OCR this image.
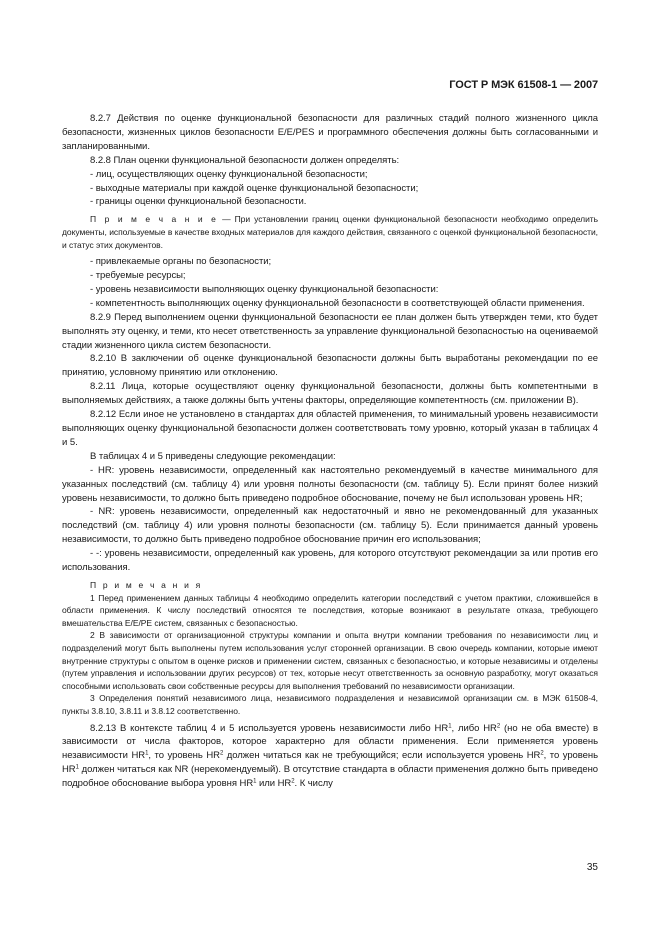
ГОСТ Р МЭК 61508-1 — 2007

8.2.7 Действия по оценке функциональной безопасности для различных стадий полного жизненного цикла безопасности, жизненных циклов безопасности E/E/PES и программного обеспечения должны быть согласованными и запланированными.

8.2.8 План оценки функциональной безопасности должен определять:

- лиц, осуществляющих оценку функциональной безопасности;

- выходные материалы при каждой оценке функциональной безопасности;

- границы оценки функциональной безопасности.

П р и м е ч а н и е — При установлении границ оценки функциональной безопасности необходимо определить документы, используемые в качестве входных материалов для каждого действия, связанного с оценкой функциональной безопасности, и статус этих документов.

- привлекаемые органы по безопасности;

- требуемые ресурсы;

- уровень независимости выполняющих оценку функциональной безопасности:

- компетентность выполняющих оценку функциональной безопасности в соответствующей области применения.

8.2.9 Перед выполнением оценки функциональной безопасности ее план должен быть утвержден теми, кто будет выполнять эту оценку, и теми, кто несет ответственность за управление функциональной безопасностью на оцениваемой стадии жизненного цикла систем безопасности.

8.2.10 В заключении об оценке функциональной безопасности должны быть выработаны рекомендации по ее принятию, условному принятию или отклонению.

8.2.11 Лица, которые осуществляют оценку функциональной безопасности, должны быть компетентными в выполняемых действиях, а также должны быть учтены факторы, определяющие компетентность (см. приложении В).

8.2.12 Если иное не установлено в стандартах для областей применения, то минимальный уровень независимости выполняющих оценку функциональной безопасности должен соответствовать тому уровню, который указан в таблицах 4 и 5.

В таблицах 4 и 5 приведены следующие рекомендации:

- HR: уровень независимости, определенный как настоятельно рекомендуемый в качестве минимального для указанных последствий (см. таблицу 4) или уровня полноты безопасности (см. таблицу 5). Если принят более низкий уровень независимости, то должно быть приведено подробное обоснование, почему не был использован уровень HR;

- NR: уровень независимости, определенный как недостаточный и явно не рекомендованный для указанных последствий (см. таблицу 4) или уровня полноты безопасности (см. таблицу 5). Если принимается данный уровень независимости, то должно быть приведено подробное обоснование причин его использования;

- -: уровень независимости, определенный как уровень, для которого отсутствуют рекомендации за или против его использования.

П р и м е ч а н и я

1 Перед применением данных таблицы 4 необходимо определить категории последствий с учетом практики, сложившейся в области применения. К числу последствий относятся те последствия, которые возникают в результате отказа, требующего вмешательства E/E/PE систем, связанных с безопасностью.

2 В зависимости от организационной структуры компании и опыта внутри компании требования по независимости лиц и подразделений могут быть выполнены путем использования услуг сторонней организации. В свою очередь компании, которые имеют внутренние структуры с опытом в оценке рисков и применении систем, связанных с безопасностью, и которые независимы и отделены (путем управления и использовании других ресурсов) от тех, которые несут ответственность за основную разработку, могут оказаться способными использовать свои собственные ресурсы для выполнения требований по независимости организации.

3 Определения понятий независимого лица, независимого подразделения и независимой организации см. в МЭК 61508-4, пункты 3.8.10, 3.8.11 и 3.8.12 соответственно.

8.2.13 В контексте таблиц 4 и 5 используется уровень независимости либо $HR^1$, либо $HR^2$ (но не оба вместе) в зависимости от числа факторов, которое характерно для области применения. Если применяется уровень независимости $HR^1$, то уровень $HR^2$ должен читаться как не требующийся; если используется уровень $HR^2$, то уровень $HR^1$ должен читаться как NR (нерекомендуемый). В отсутствие стандарта в области применения должно быть приведено подробное обоснование выбора уровня $HR^1$ или $HR^2$. К числу

35
